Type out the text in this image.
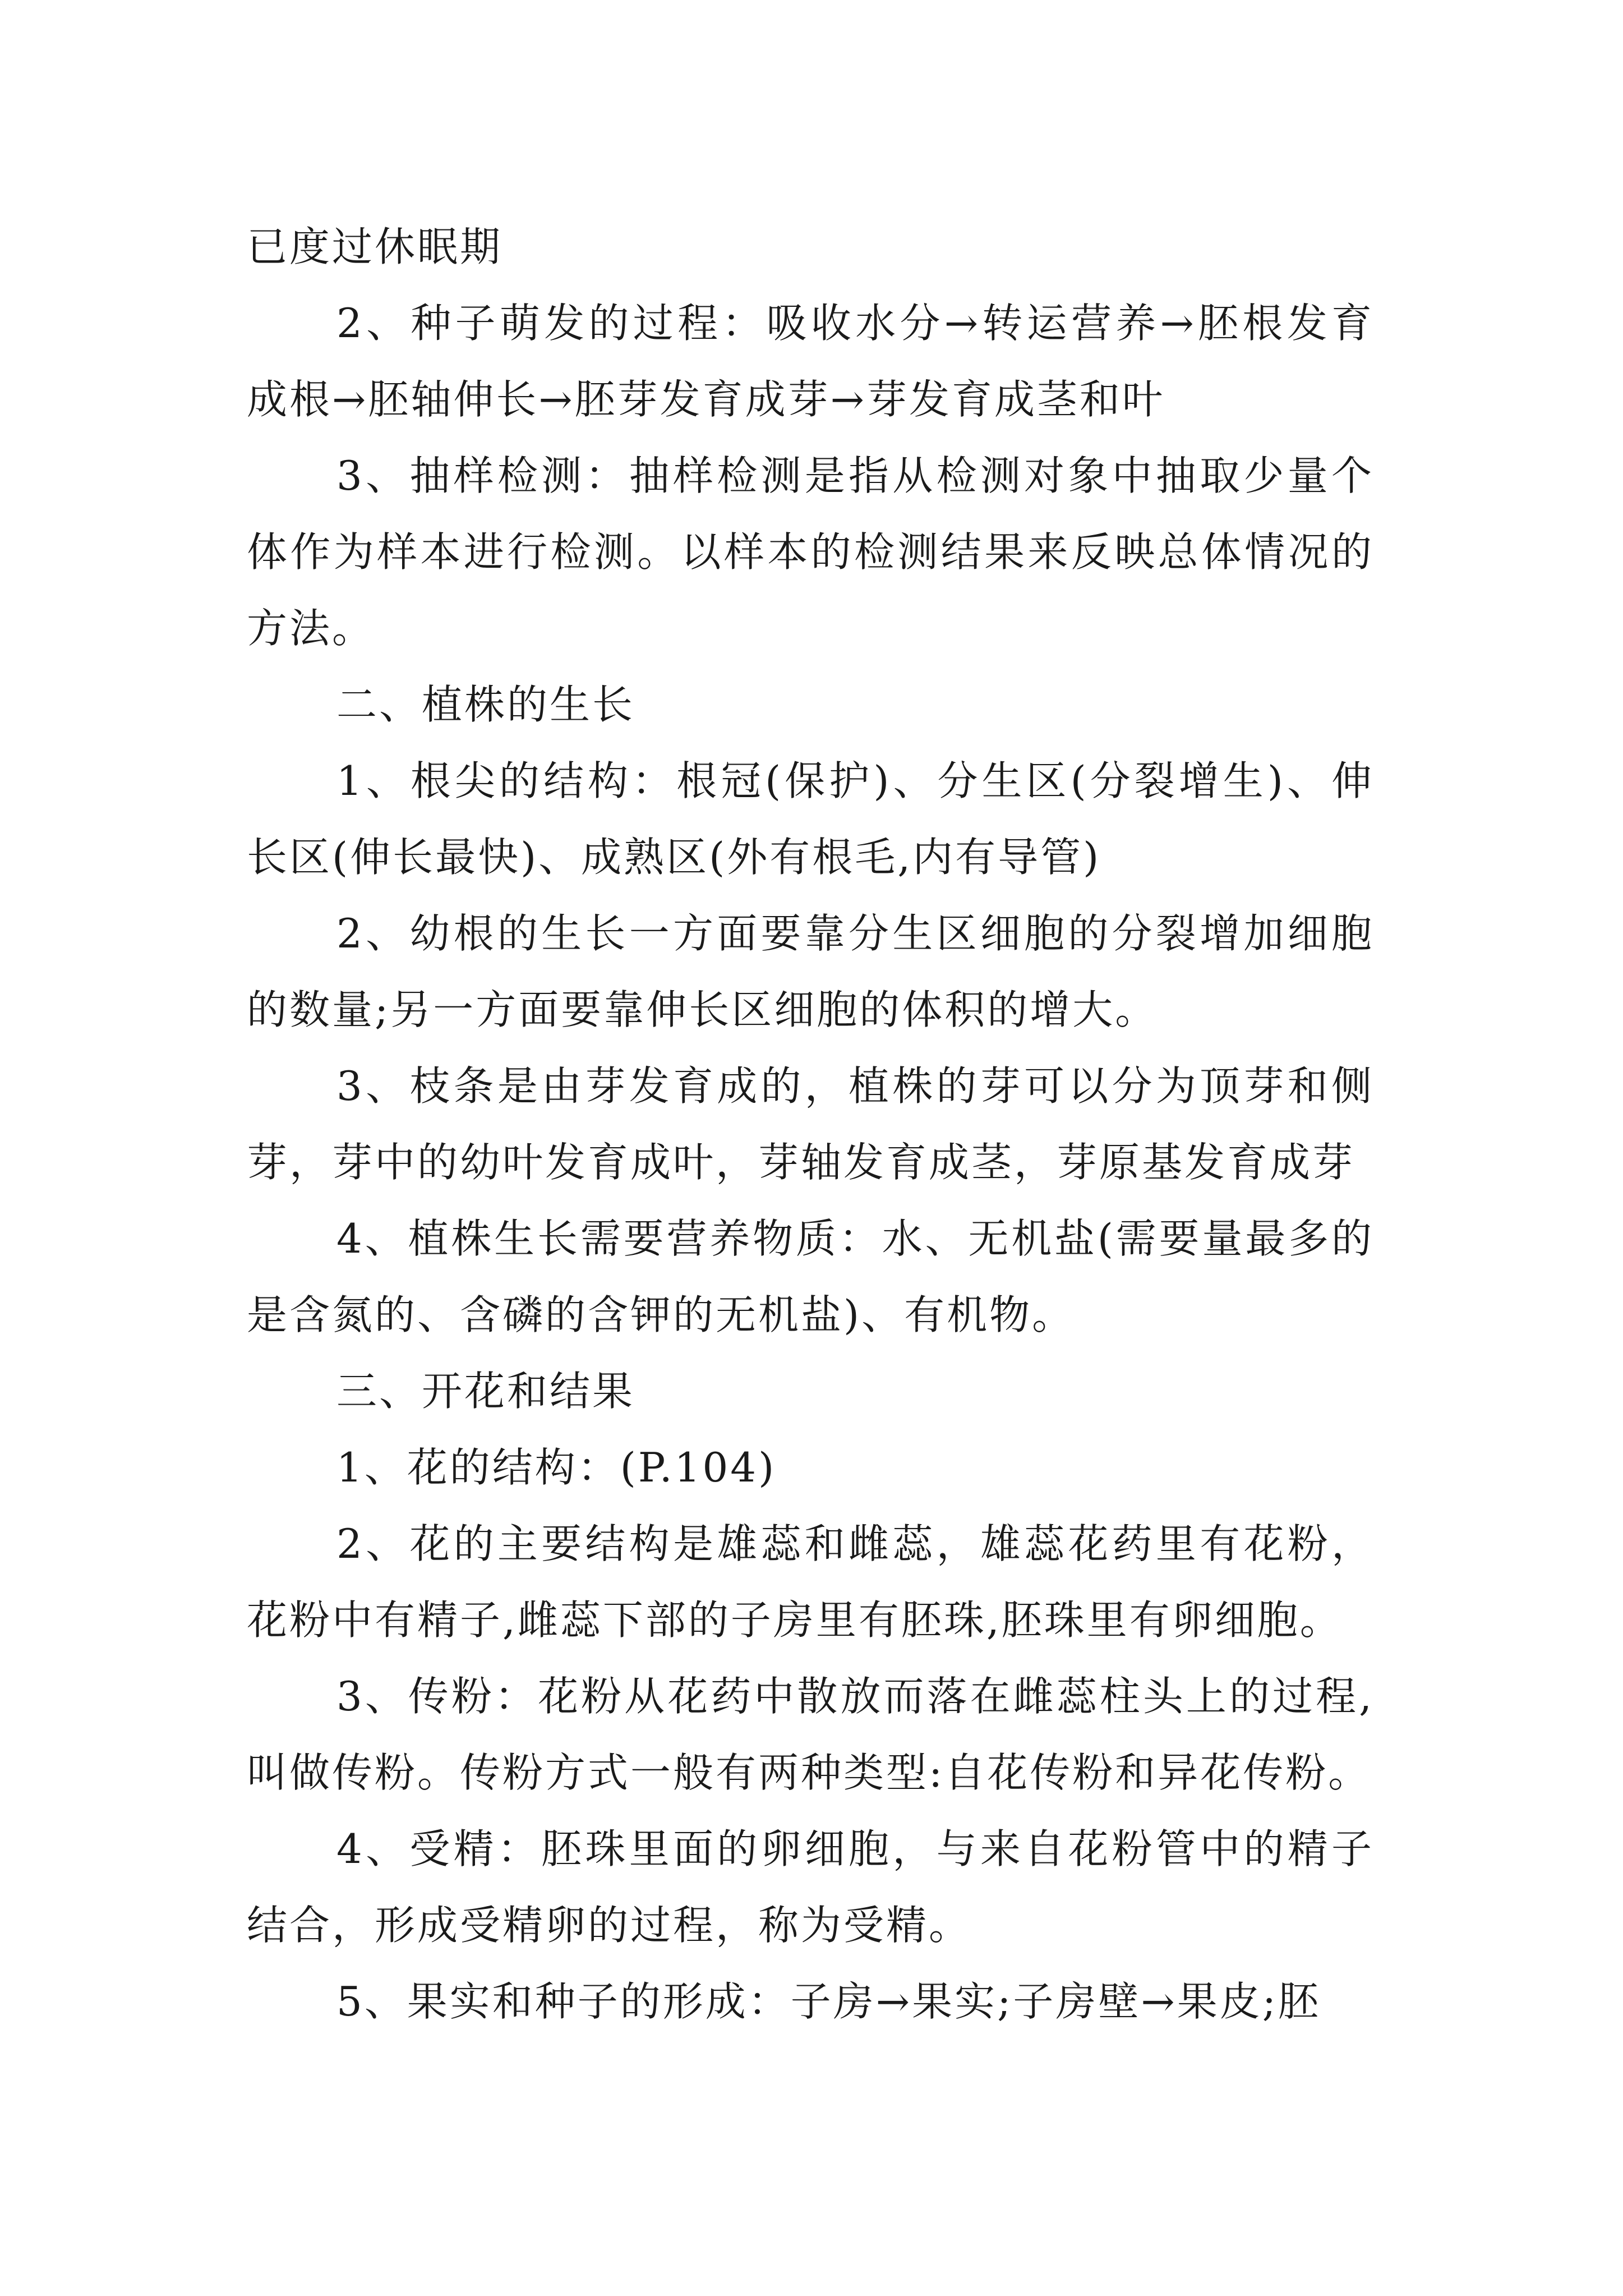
已度过休眠期

2、种子萌发的过程：吸收水分→转运营养→胚根发育成根→胚轴伸长→胚芽发育成芽→芽发育成茎和叶

3、抽样检测：抽样检测是指从检测对象中抽取少量个体作为样本进行检测。以样本的检测结果来反映总体情况的方法。

二、植株的生长

1、根尖的结构：根冠(保护)、分生区(分裂增生)、伸长区(伸长最快)、成熟区(外有根毛,内有导管)

2、幼根的生长一方面要靠分生区细胞的分裂增加细胞的数量;另一方面要靠伸长区细胞的体积的增大。

3、枝条是由芽发育成的，植株的芽可以分为顶芽和侧芽，芽中的幼叶发育成叶，芽轴发育成茎，芽原基发育成芽

4、植株生长需要营养物质：水、无机盐(需要量最多的是含氮的、含磷的含钾的无机盐)、有机物。

三、开花和结果

1、花的结构：(P.104)

2、花的主要结构是雄蕊和雌蕊，雄蕊花药里有花粉，花粉中有精子,雌蕊下部的子房里有胚珠,胚珠里有卵细胞。

3、传粉：花粉从花药中散放而落在雌蕊柱头上的过程,叫做传粉。传粉方式一般有两种类型:自花传粉和异花传粉。

4、受精：胚珠里面的卵细胞，与来自花粉管中的精子结合，形成受精卵的过程，称为受精。

5、果实和种子的形成：子房→果实;子房壁→果皮;胚
